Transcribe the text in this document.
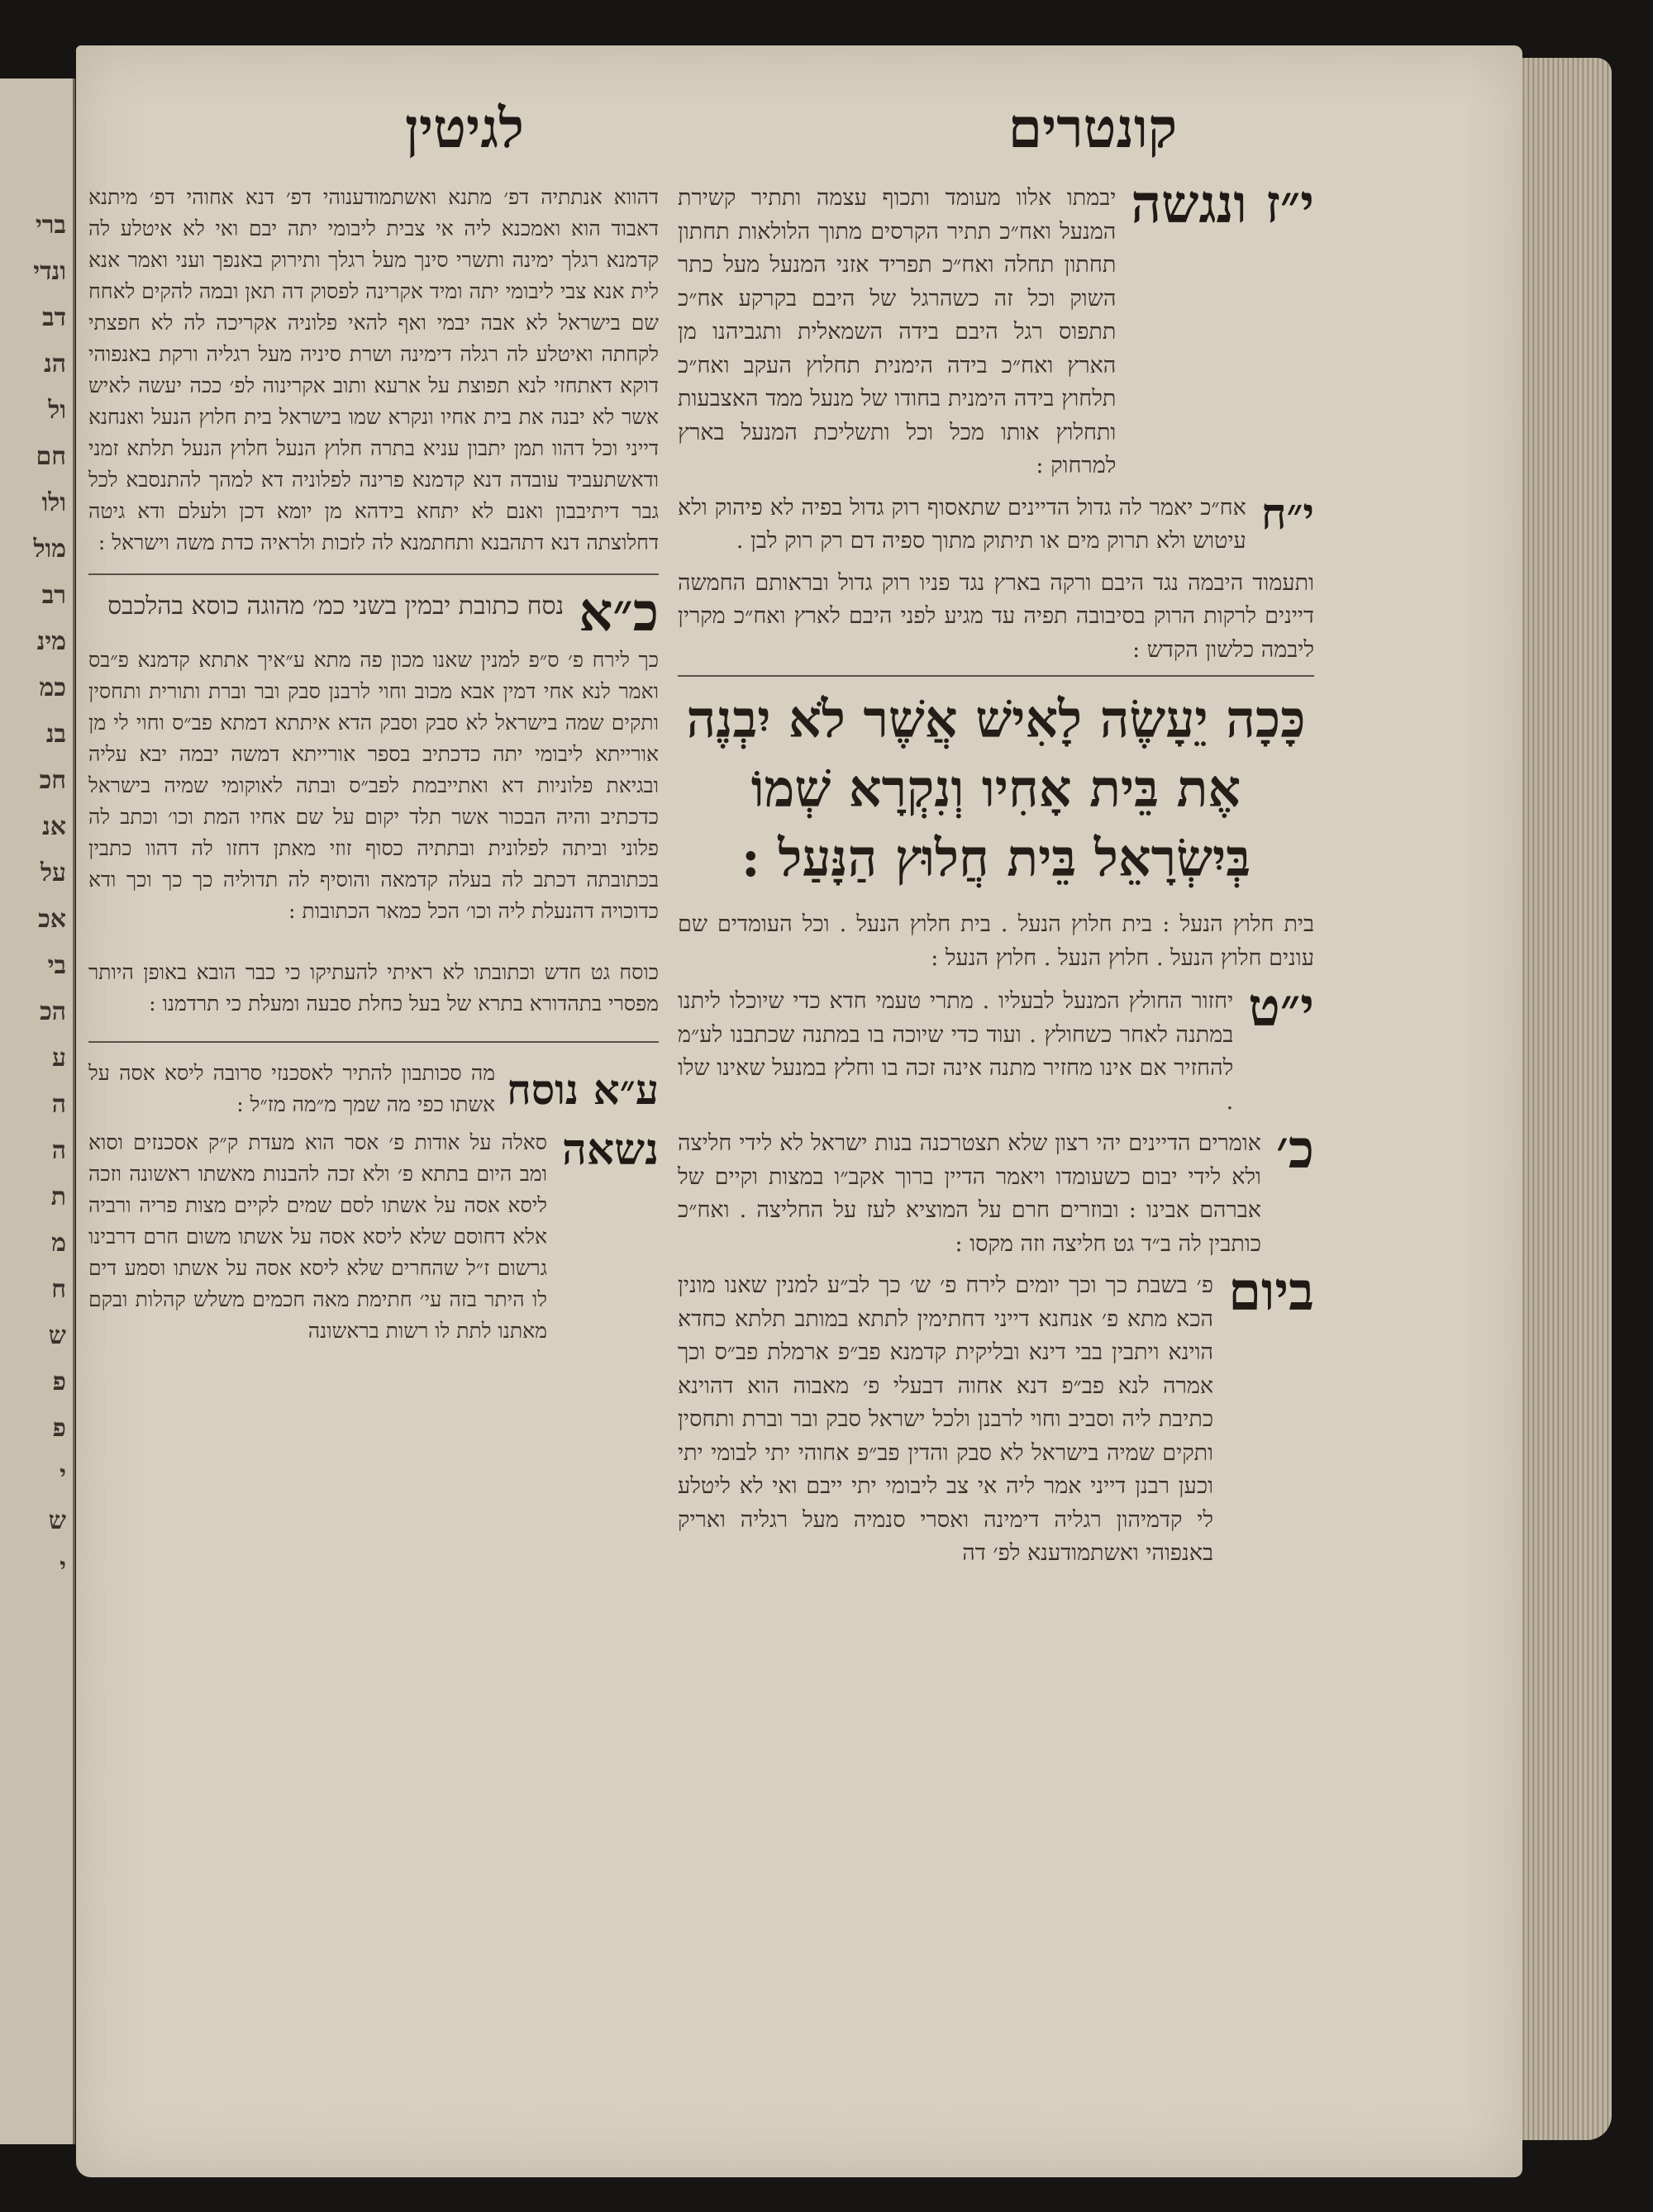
ברי
ונדי
דב
הנ
ול
חם
ולו
מול
רב
מינ
כמ
בנ
חכ
אנ
על
אכ
בי
הכ
ע
ה
ה
ת
מ
ח
ש
פ
פ
י
ש
י
קונטרים
לגיטין
י״ז ונגשה
יבמתו אלוו מעומד ותכוף עצמה ותתיר קשירת המנעל ואח״כ תתיר הקרסים מתוך הלולאות תחתון תחתון תחלה ואח״כ תפריד אזני המנעל מעל כתר השוק וכל זה כשהרגל של היבם בקרקע אח״כ תתפוס רגל היבם בידה השמאלית ותגביהנו מן הארץ ואח״כ בידה הימנית תחלוץ העקב ואח״כ תלחוץ בידה הימנית בחודו של מנעל ממד האצבעות ותחלוץ אותו מכל וכל ותשליכת המנעל בארץ למרחוק :
י״ח
אח״כ יאמר לה גדול הדיינים שתאסוף רוק גדול בפיה לא פיהוק ולא עיטוש ולא תרוק מים או תיתוק מתוך ספיה דם רק רוק לבן .
ותעמוד היבמה נגד היבם ורקה בארץ נגד פניו רוק גדול ובראותם החמשה דיינים לרקות הרוק בסיבובה תפיה עד מגיע לפני היבם לארץ ואח״כ מקרין ליבמה כלשון הקדש :
כָּכָה יֵעָשֶׂה לָאִישׁ אֲשֶׁר לֹא יִבְנֶה אֶת בֵּית אָחִיו וְנִקְרָא שְׁמוֹ בְּיִשְׂרָאֵל בֵּית חֲלוּץ הַנָּעַל :
בית חלוץ הנעל : בית חלוץ הנעל . בית חלוץ הנעל . וכל העומדים שם עונים חלוץ הנעל . חלוץ הנעל . חלוץ הנעל :
י״ט
יחזור החולץ המנעל לבעליו . מתרי טעמי חדא כדי שיוכלו ליתנו במתנה לאחר כשחולץ . ועוד כדי שיוכה בו במתנה שכתבנו לע״מ להחזיר אם אינו מחזיר מתנה אינה זכה בו וחלץ במנעל שאינו שלו .
כ׳
אומרים הדיינים יהי רצון שלא תצטרכנה בנות ישראל לא לידי חליצה ולא לידי יבום כשעומדו ויאמר הדיין ברוך אקב״ו במצות וקיים של אברהם אבינו : ובוזרים חרם על המוציא לעז על החליצה . ואח״כ כותבין לה ב״ד גט חליצה וזה מקסו :
ביום
פ׳ בשבת כך וכך יומים לירח פ׳ ש׳ כך לב״ע למנין שאנו מונין הכא מתא פ׳ אנחנא דייני דחתימין לתתא במותב תלתא כחדא הוינא ויתבין בבי דינא ובליקית קדמנא פב״פ ארמלת פב״ס וכך אמרה לנא פב״פ דנא אחוה דבעלי פ׳ מאבוה הוא דהוינא כתיבת ליה וסביב וחוי לרבנן ולכל ישראל סבק ובר וברת ותחסין ותקים שמיה בישראל לא סבק והדין פב״פ אחוהי יתי לבומי יתי וכען רבנן דייני אמר ליה אי צב ליבומי יתי ייבם ואי לא ליטלע לי קדמיהון רגליה דימינה ואסרי סנמיה מעל רגליה ואריק באנפוהי ואשתמודענא לפ׳ דה
דהווא אנתתיה דפ׳ מתנא ואשתמודענוהי דפ׳ דנא אחוהי דפ׳ מיתנא דאבוד הוא ואמכנא ליה אי צבית ליבומי יתה יבם ואי לא איטלע לה קדמנא רגלך ימינה ותשרי סינך מעל רגלך ותירוק באנפך ועני ואמר אנא לית אנא צבי ליבומי יתה ומיד אקרינה לפסוק דה תאן ובמה להקים לאחח שם בישראל לא אבה יבמי ואף להאי פלוניה אקריכה לה לא חפצתי לקחתה ואיטלע לה רגלה דימינה ושרת סיניה מעל רגליה ורקת באנפוהי דוקא דאתחזי לנא תפוצת על ארעא ותוב אקרינוה לפ׳ ככה יעשה לאיש אשר לא יבנה את בית אחיו ונקרא שמו בישראל בית חלוץ הנעל ואנחנא דייני וכל דהוו תמן יתבון עניא בתרה חלוץ הנעל חלוץ הנעל תלתא זמני ודאשתעביד עובדה דנא קדמנא פרינה לפלוניה דא למהך להתנסבא לכל גבר דיתיבבון ואנם לא יתחא בידהא מן יומא דכן ולעלם ודא גיטה דחלוצתה דנא דתהבנא ותחתמנא לה לזכות ולראיה כדת משה וישראל :
כ״א
נסח כתובת יבמין בשני כמ׳ מהוגה כוסא בהלכבס
כך לירח פ׳ ס״פ למנין שאנו מכון פה מתא ע״איך אתתא קדמנא פ״בס ואמר לנא אחי דמין אבא מכוב וחוי לרבנן סבק ובר וברת ותורית ותחסין ותקים שמה בישראל לא סבק וסבק הדא איתתא דמתא פב״ס וחוי לי מן אורייתא ליבומי יתה כדכתיב בספר אורייתא דמשה יבמה יבא עליה ובגיאת פלוניות דא ואתייבמת לפב״ס ובתה לאוקומי שמיה בישראל כדכתיב והיה הבכור אשר תלד יקום על שם אחיו המת וכו׳ וכתב לה פלוני וביתה לפלונית ובתתיה כסוף זוזי מאתן דחזו לה דהוו כתבין בכתובתה דכתב לה בעלה קדמאה והוסיף לה תדוליה כך כך וכך ודא כדוכויה דהנעלת ליה וכו׳ הכל כמאר הכתובות :
כוסח גט חדש וכתובתו לא ראיתי להעתיקו כי כבר הובא באופן היותר מפסרי בתהדורא בתרא של בעל כחלת סבעה ומעלת כי תרדמנו :
ע״א נוסח
מה סכותבון להתיר לאסכנזי סרובה ליסא אסה על אשתו כפי מה שמך מ״מה מז״ל :
נשאה
סאלה על אודות פ׳ אסר הוא מעדת ק״ק אסכנזים וסוא ומב היום בתתא פ׳ ולא זכה להבנות מאשתו ראשונה וזכה ליסא אסה על אשתו לסם שמים לקיים מצות פריה ורביה אלא דחוסם שלא ליסא אסה על אשתו משום חרם דרבינו גרשום ז״ל שהחרים שלא ליסא אסה על אשתו וסמע דים לו היתר בזה עי׳ חתימת מאה חכמים משלש קהלות ובקם מאתנו לתת לו רשות בראשונה
